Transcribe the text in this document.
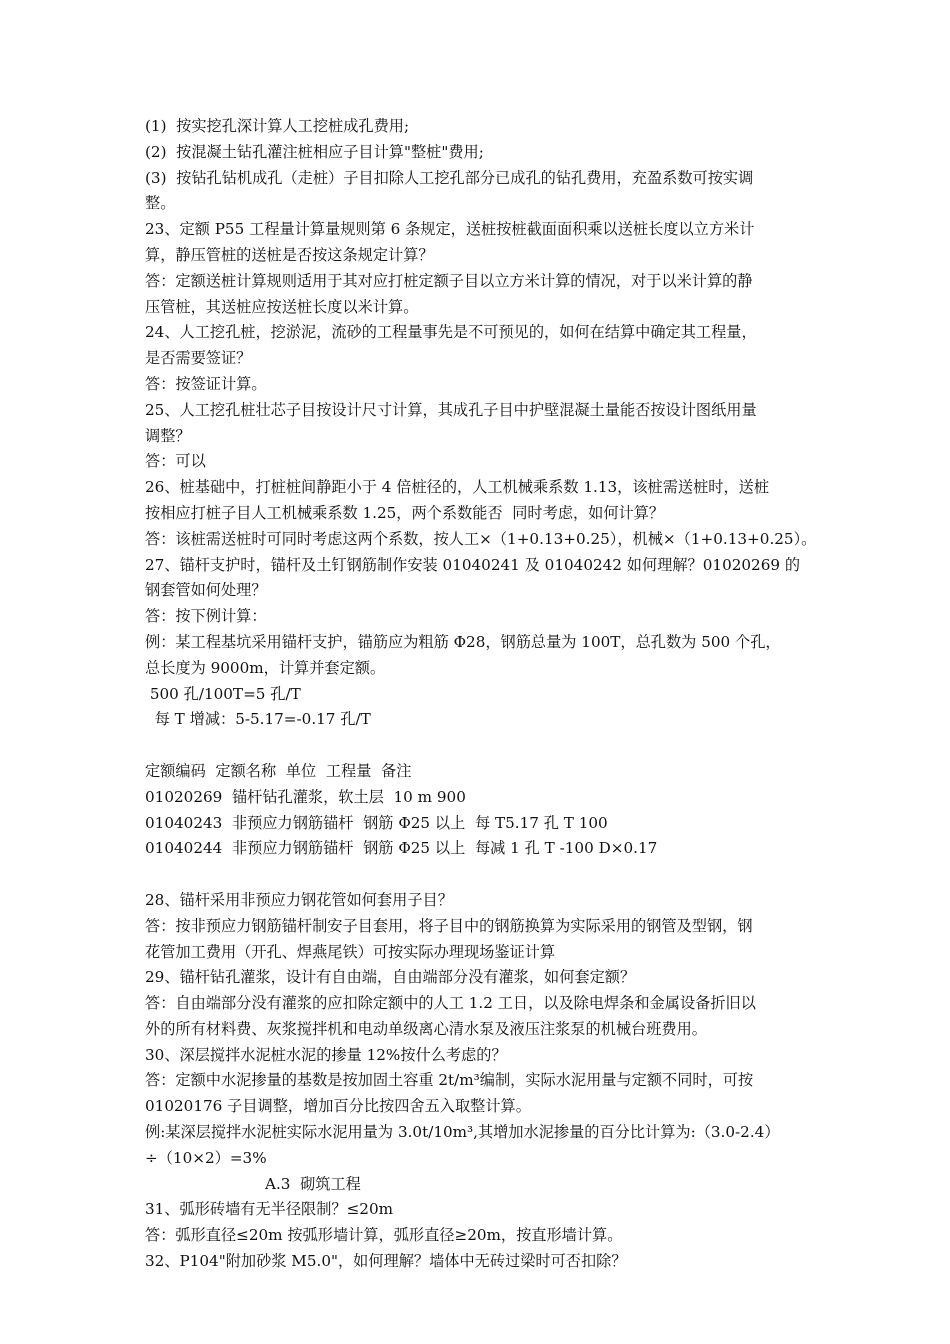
(1)  按实挖孔深计算人工挖桩成孔费用;
(2)  按混凝土钻孔灌注桩相应子目计算"整桩"费用;
(3)  按钻孔钻机成孔（走桩）子目扣除人工挖孔部分已成孔的钻孔费用，充盈系数可按实调
整。
23、定额 P55 工程量计算量规则第 6 条规定，送桩按桩截面面积乘以送桩长度以立方米计
算，静压管桩的送桩是否按这条规定计算？
答：定额送桩计算规则适用于其对应打桩定额子目以立方米计算的情况，对于以米计算的静
压管桩，其送桩应按送桩长度以米计算。
24、人工挖孔桩，挖淤泥，流砂的工程量事先是不可预见的，如何在结算中确定其工程量，
是否需要签证？
答：按签证计算。
25、人工挖孔桩壮芯子目按设计尺寸计算，其成孔子目中护壁混凝土量能否按设计图纸用量
调整？
答：可以
26、桩基础中，打桩桩间静距小于 4 倍桩径的，人工机械乘系数 1.13，该桩需送桩时，送桩
按相应打桩子目人工机械乘系数 1.25，两个系数能否  同时考虑，如何计算？
答：该桩需送桩时可同时考虑这两个系数，按人工×（1+0.13+0.25），机械×（1+0.13+0.25）。
27、锚杆支护时，锚杆及土钉钢筋制作安装 01040241 及 01040242 如何理解？01020269 的
钢套管如何处理？
答：按下例计算：
例：某工程基坑采用锚杆支护，锚筋应为粗筋 Φ28，钢筋总量为 100T，总孔数为 500 个孔，
总长度为 9000m，计算并套定额。
500 孔/100T=5 孔/T
每 T 增减：5-5.17=-0.17 孔/T
定额编码  定额名称  单位  工程量  备注
01020269  锚杆钻孔灌浆，软土层  10 m 900
01040243  非预应力钢筋锚杆  钢筋 Φ25 以上  每 T5.17 孔 T 100
01040244  非预应力钢筋锚杆  钢筋 Φ25 以上  每减 1 孔 T -100 D×0.17
28、锚杆采用非预应力钢花管如何套用子目？
答：按非预应力钢筋锚杆制安子目套用，将子目中的钢筋换算为实际采用的钢管及型钢，钢
花管加工费用（开孔、焊燕尾铁）可按实际办理现场鉴证计算
29、锚杆钻孔灌浆，设计有自由端，自由端部分没有灌浆，如何套定额？
答：自由端部分没有灌浆的应扣除定额中的人工 1.2 工日，以及除电焊条和金属设备折旧以
外的所有材料费、灰浆搅拌机和电动单级离心清水泵及液压注浆泵的机械台班费用。
30、深层搅拌水泥桩水泥的掺量 12%按什么考虑的？
答：定额中水泥掺量的基数是按加固土容重 2t/m³编制，实际水泥用量与定额不同时，可按
01020176 子目调整，增加百分比按四舍五入取整计算。
例:某深层搅拌水泥桩实际水泥用量为 3.0t/10m³,其增加水泥掺量的百分比计算为:（3.0-2.4）
÷（10×2）=3%
A.3  砌筑工程
31、弧形砖墙有无半径限制？≤20m
答：弧形直径≤20m 按弧形墙计算，弧形直径≥20m，按直形墙计算。
32、P104"附加砂浆 M5.0"，如何理解？墙体中无砖过梁时可否扣除？
